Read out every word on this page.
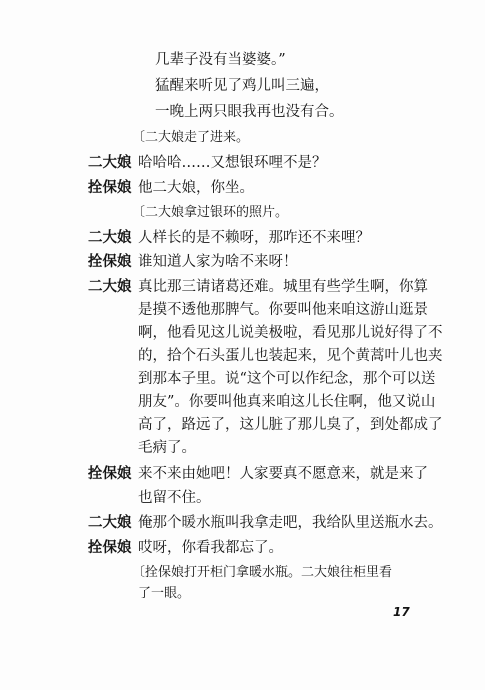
几辈子没有当婆婆。”
猛醒来听见了鸡儿叫三遍，
一晚上两只眼我再也没有合。
〔二大娘走了进来。
二大娘 哈哈哈……又想银环哩不是？
拴保娘 他二大娘，你坐。
〔二大娘拿过银环的照片。
二大娘 人样长的是不赖呀，那咋还不来哩？
拴保娘 谁知道人家为啥不来呀！
二大娘 真比那三请诸葛还难。城里有些学生啊，你算
是摸不透他那脾气。你要叫他来咱这游山逛景
啊，他看见这儿说美极啦，看见那儿说好得了不
的，拾个石头蛋儿也装起来，见个黄蒿叶儿也夹
到那本子里。说“这个可以作纪念，那个可以送
朋友”。你要叫他真来咱这儿长住啊，他又说山
高了，路远了，这儿脏了那儿臭了，到处都成了
毛病了。
拴保娘 来不来由她吧！人家要真不愿意来，就是来了
也留不住。
二大娘 俺那个暖水瓶叫我拿走吧，我给队里送瓶水去。
拴保娘 哎呀，你看我都忘了。
〔拴保娘打开柜门拿暖水瓶。二大娘往柜里看
了一眼。
17
